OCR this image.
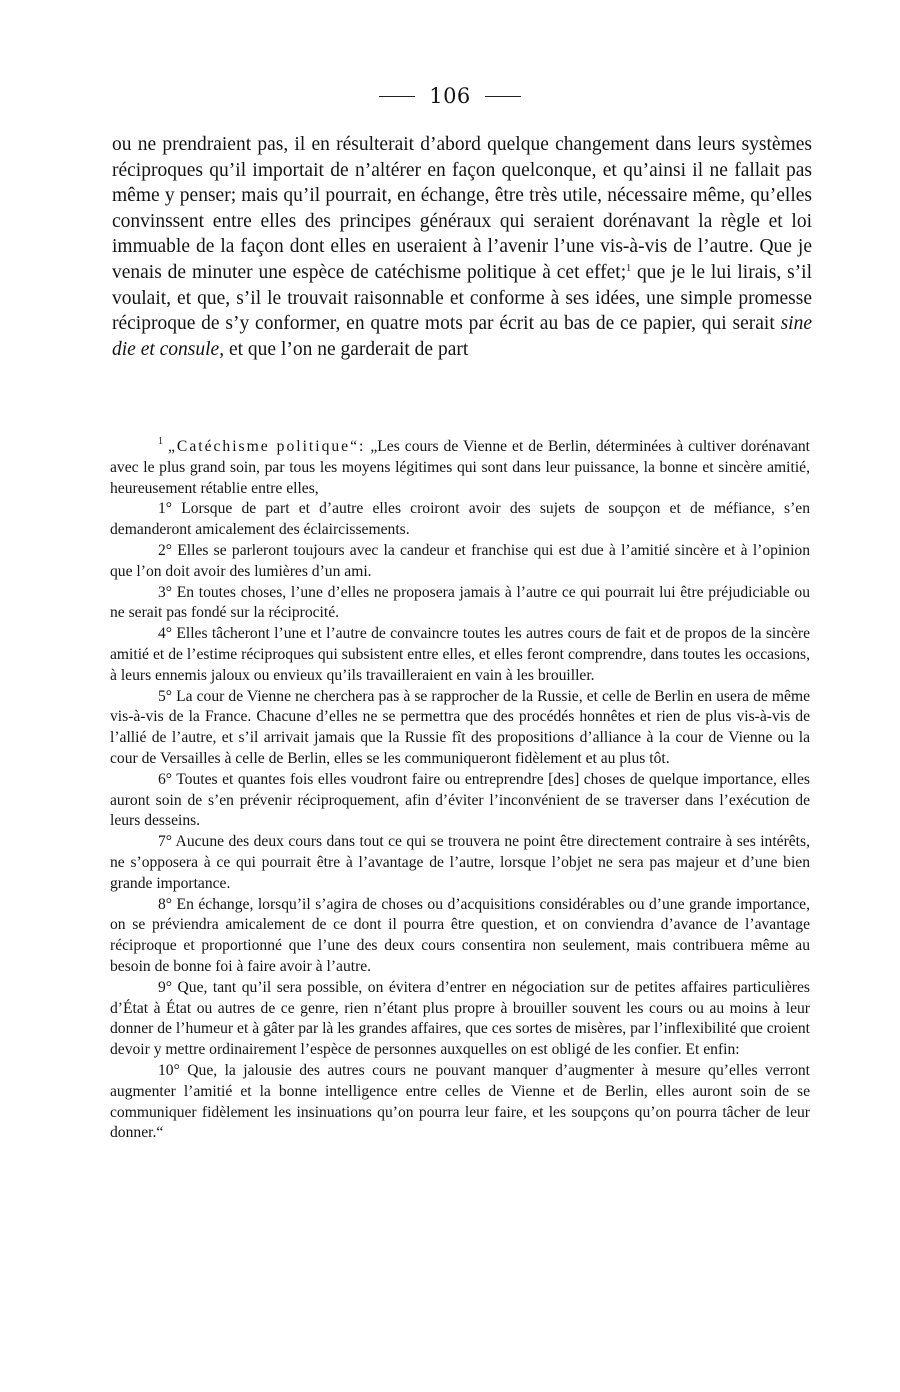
106

ou ne prendraient pas, il en résulterait d’abord quelque changement dans leurs systèmes réciproques qu’il importait de n’altérer en façon quelconque, et qu’ainsi il ne fallait pas même y penser; mais qu’il pourrait, en échange, être très utile, nécessaire même, qu’elles convinssent entre elles des principes généraux qui seraient dorénavant la règle et loi immuable de la façon dont elles en useraient à l’avenir l’une vis-à-vis de l’autre. Que je venais de minuter une espèce de catéchisme politique à cet effet;$^1$ que je le lui lirais, s’il voulait, et que, s’il le trouvait raisonnable et conforme à ses idées, une simple promesse réciproque de s’y conformer, en quatre mots par écrit au bas de ce papier, qui serait sine die et consule, et que l’on ne garderait de part

$^1$ „Catéchisme politique“: „Les cours de Vienne et de Berlin, déterminées à cultiver dorénavant avec le plus grand soin, par tous les moyens légitimes qui sont dans leur puissance, la bonne et sincère amitié, heureusement rétablie entre elles,

1° Lorsque de part et d’autre elles croiront avoir des sujets de soupçon et de méfiance, s’en demanderont amicalement des éclaircissements.

2° Elles se parleront toujours avec la candeur et franchise qui est due à l’amitié sincère et à l’opinion que l’on doit avoir des lumières d’un ami.

3° En toutes choses, l’une d’elles ne proposera jamais à l’autre ce qui pourrait lui être préjudiciable ou ne serait pas fondé sur la réciprocité.

4° Elles tâcheront l’une et l’autre de convaincre toutes les autres cours de fait et de propos de la sincère amitié et de l’estime réciproques qui subsistent entre elles, et elles feront comprendre, dans toutes les occasions, à leurs ennemis jaloux ou envieux qu’ils travailleraient en vain à les brouiller.

5° La cour de Vienne ne cherchera pas à se rapprocher de la Russie, et celle de Berlin en usera de même vis-à-vis de la France. Chacune d’elles ne se permettra que des procédés honnêtes et rien de plus vis-à-vis de l’allié de l’autre, et s’il arrivait jamais que la Russie fît des propositions d’alliance à la cour de Vienne ou la cour de Versailles à celle de Berlin, elles se les communiqueront fidèlement et au plus tôt.

6° Toutes et quantes fois elles voudront faire ou entreprendre [des] choses de quelque importance, elles auront soin de s’en prévenir réciproquement, afin d’éviter l’inconvénient de se traverser dans l’exécution de leurs desseins.

7° Aucune des deux cours dans tout ce qui se trouvera ne point être directement contraire à ses intérêts, ne s’opposera à ce qui pourrait être à l’avantage de l’autre, lorsque l’objet ne sera pas majeur et d’une bien grande importance.

8° En échange, lorsqu’il s’agira de choses ou d’acquisitions considérables ou d’une grande importance, on se préviendra amicalement de ce dont il pourra être question, et on conviendra d’avance de l’avantage réciproque et proportionné que l’une des deux cours consentira non seulement, mais contribuera même au besoin de bonne foi à faire avoir à l’autre.

9° Que, tant qu’il sera possible, on évitera d’entrer en négociation sur de petites affaires particulières d’État à État ou autres de ce genre, rien n’étant plus propre à brouiller souvent les cours ou au moins à leur donner de l’humeur et à gâter par là les grandes affaires, que ces sortes de misères, par l’inflexibilité que croient devoir y mettre ordinairement l’espèce de personnes auxquelles on est obligé de les confier. Et enfin:

10° Que, la jalousie des autres cours ne pouvant manquer d’augmenter à mesure qu’elles verront augmenter l’amitié et la bonne intelligence entre celles de Vienne et de Berlin, elles auront soin de se communiquer fidèlement les insinuations qu’on pourra leur faire, et les soupçons qu’on pourra tâcher de leur donner.“
